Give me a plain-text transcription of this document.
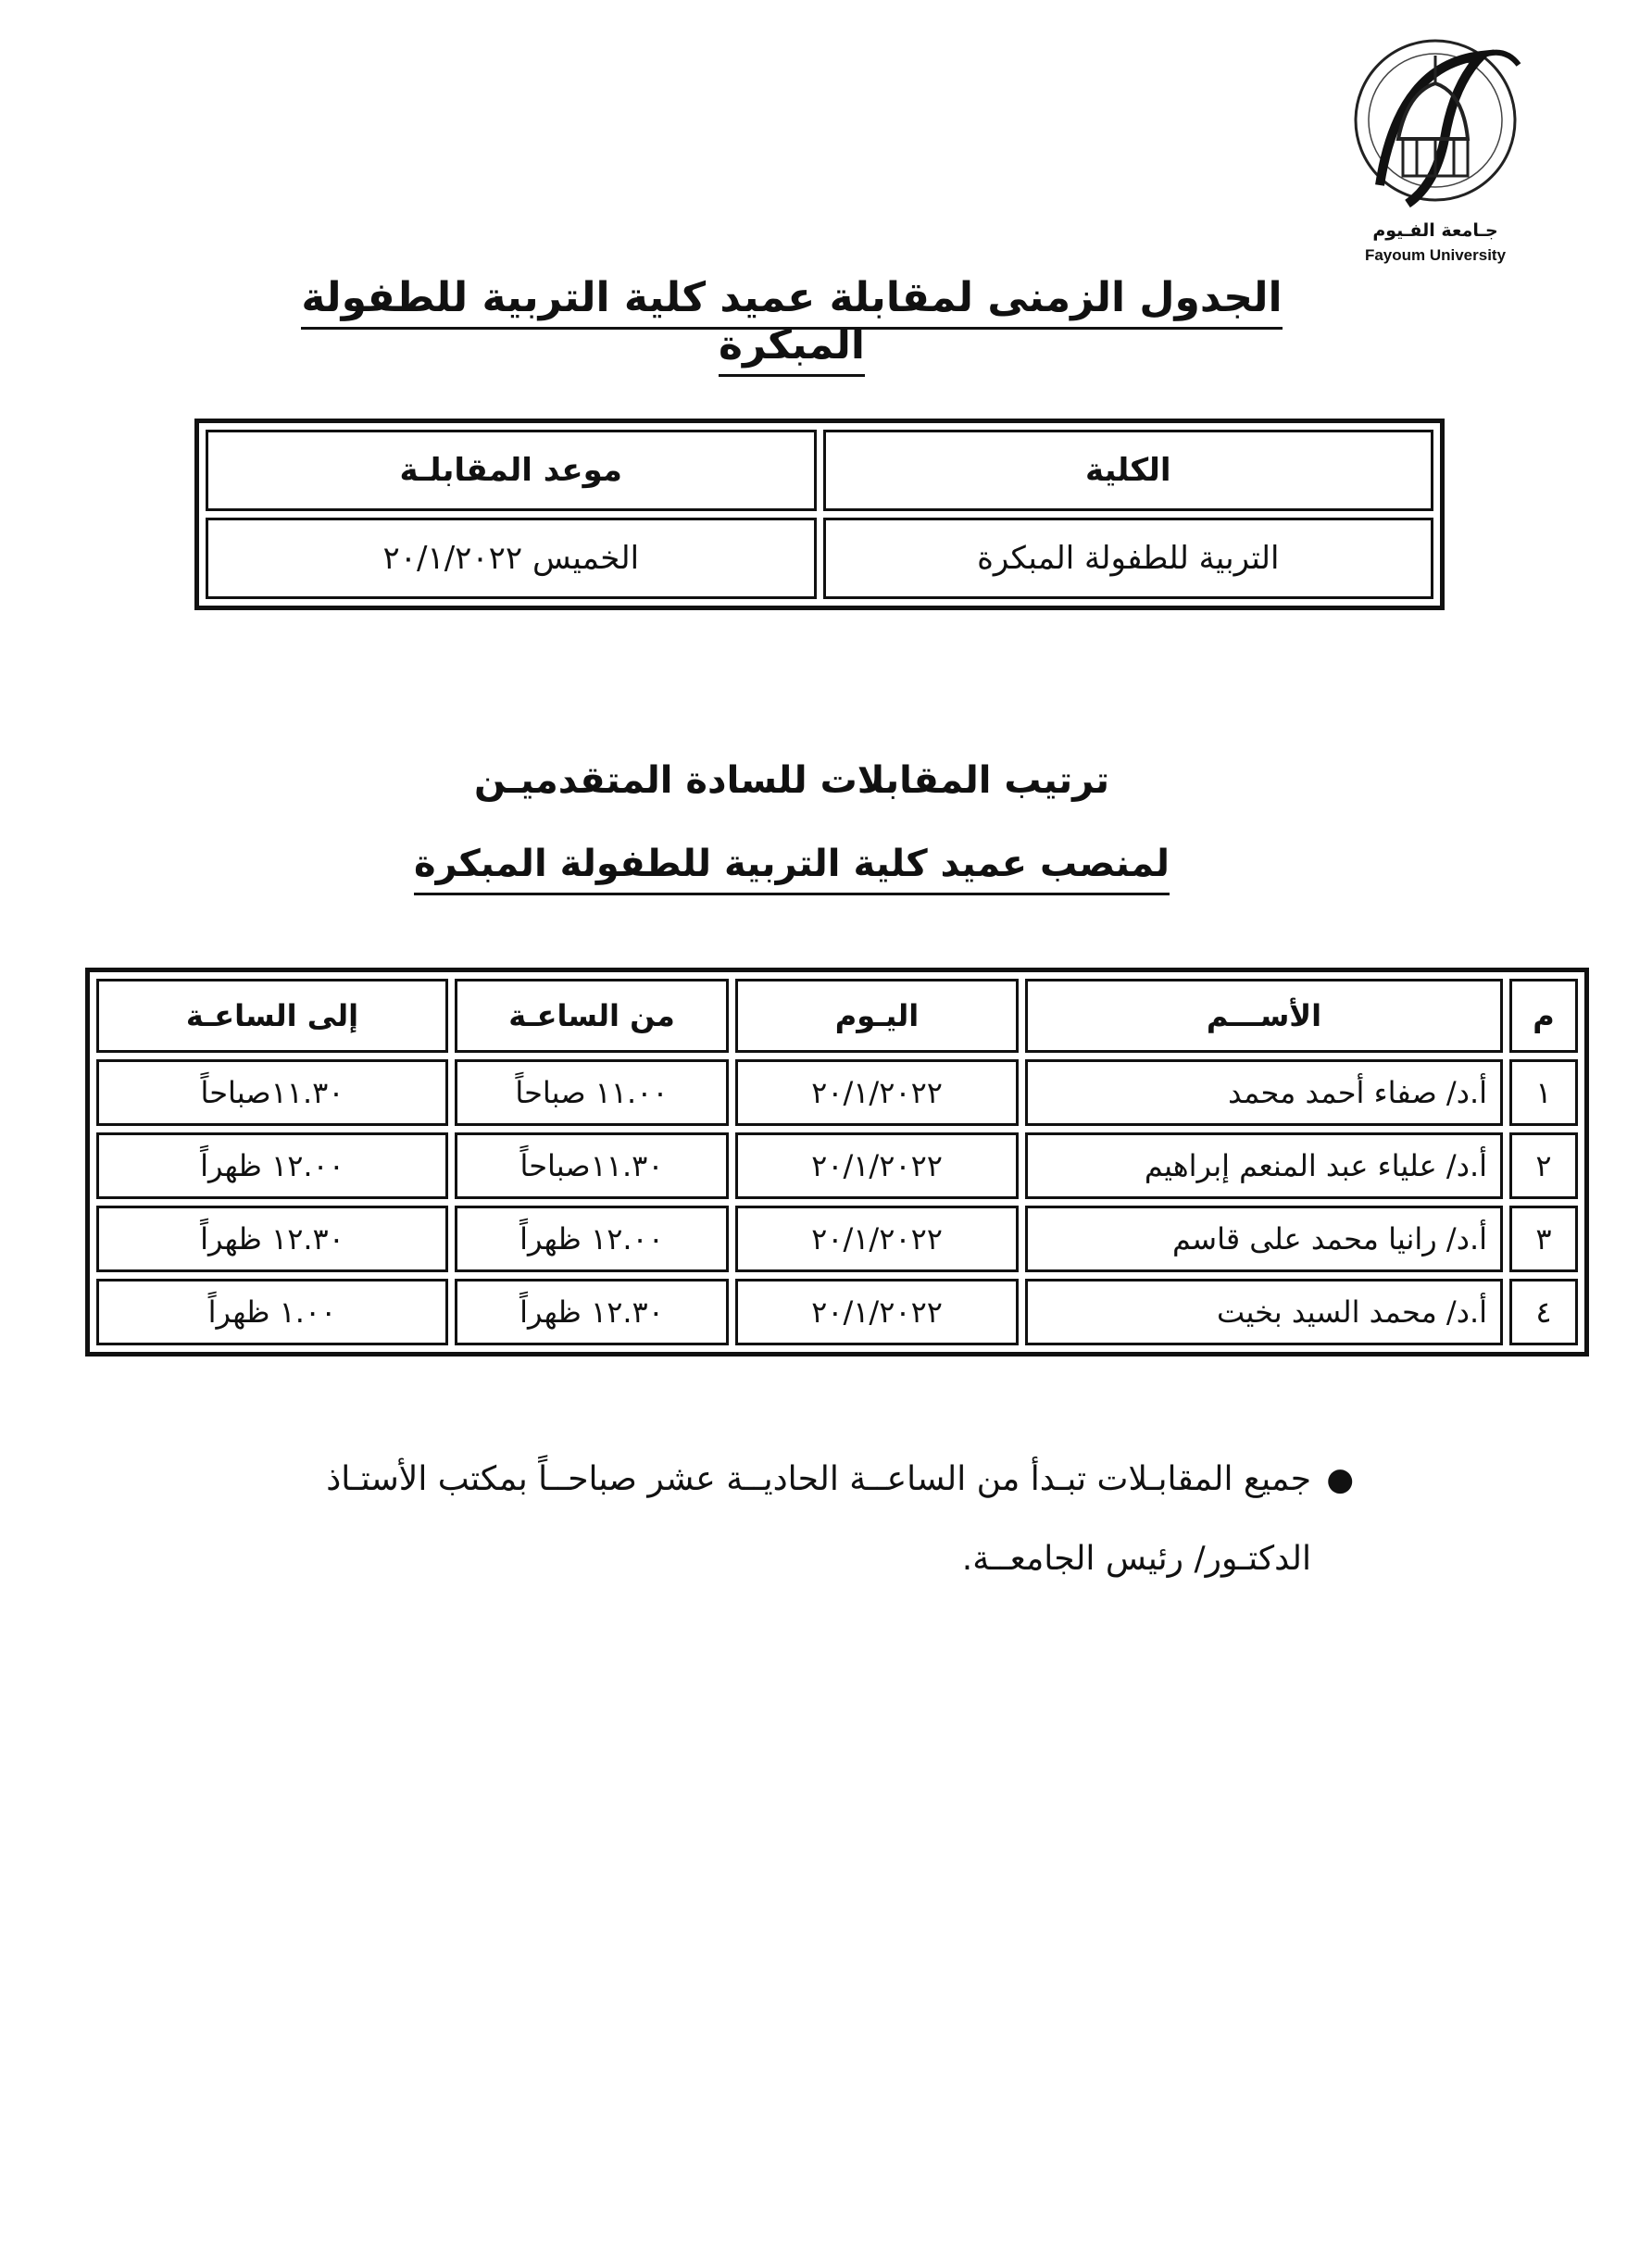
جـامعة الفـيوم
Fayoum University
الجدول الزمنى لمقابلة عميد كلية التربية للطفولة المبكرة
الكلية	موعد المقابلـة
التربية للطفولة المبكرة	الخميس ٢٠/١/٢٠٢٢
ترتيب المقابلات للسادة المتقدميـن
لمنصب عميد كلية التربية للطفولة المبكرة
م	الأســـم	اليـوم	من الساعـة	إلى الساعـة
١	أ.د/ صفاء أحمد محمد	٢٠/١/٢٠٢٢	١١.٠٠ صباحاً	١١.٣٠صباحاً
٢	أ.د/ علياء عبد المنعم إبراهيم	٢٠/١/٢٠٢٢	١١.٣٠صباحاً	١٢.٠٠ ظهراً
٣	أ.د/ رانيا محمد على قاسم	٢٠/١/٢٠٢٢	١٢.٠٠ ظهراً	١٢.٣٠ ظهراً
٤	أ.د/ محمد السيد بخيت	٢٠/١/٢٠٢٢	١٢.٣٠ ظهراً	١.٠٠ ظهراً
●

جميع المقابـلات تبـدأ من الساعــة الحاديــة عشر صباحــاً بمكتب الأستـاذ

الدكتـور/ رئيس الجامعــة.
